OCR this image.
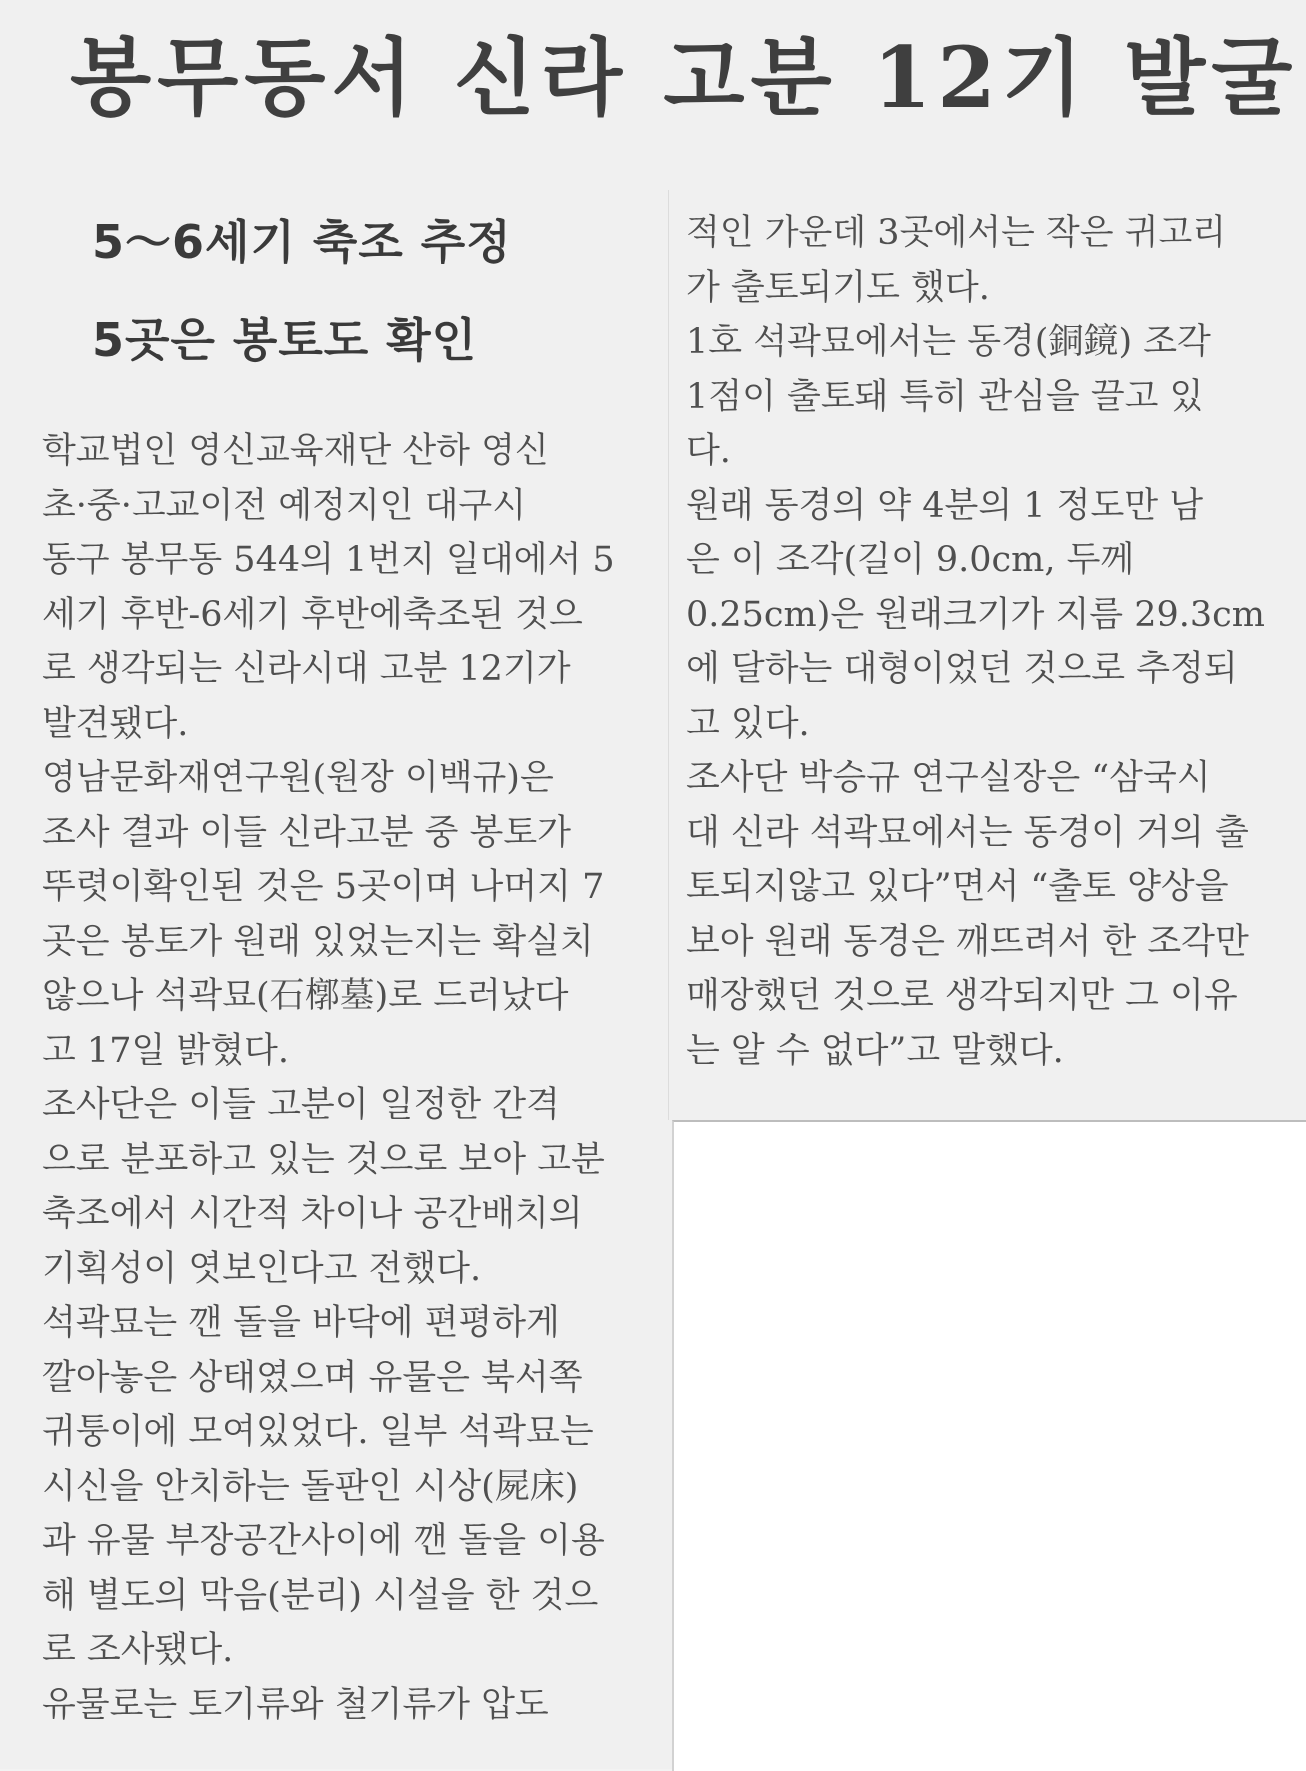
봉무동서 신라 고분 12기 발굴
5～6세기 축조 추정
5곳은 봉토도 확인

학교법인 영신교육재단 산하 영신

초·중·고교이전 예정지인 대구시

동구 봉무동 544의 1번지 일대에서 5

세기 후반-6세기 후반에축조된 것으

로 생각되는 신라시대 고분 12기가

발견됐다.

영남문화재연구원(원장 이백규)은

조사 결과 이들 신라고분 중 봉토가

뚜렷이확인된 것은 5곳이며 나머지 7

곳은 봉토가 원래 있었는지는 확실치

않으나 석곽묘(石槨墓)로 드러났다

고 17일 밝혔다.

조사단은 이들 고분이 일정한 간격

으로 분포하고 있는 것으로 보아 고분

축조에서 시간적 차이나 공간배치의

기획성이 엿보인다고 전했다.

석곽묘는 깬 돌을 바닥에 편평하게

깔아놓은 상태였으며 유물은 북서쪽

귀퉁이에 모여있었다. 일부 석곽묘는

시신을 안치하는 돌판인 시상(屍床)

과 유물 부장공간사이에 깬 돌을 이용

해 별도의 막음(분리) 시설을 한 것으

로 조사됐다.

유물로는 토기류와 철기류가 압도

적인 가운데 3곳에서는 작은 귀고리

가 출토되기도 했다.

1호 석곽묘에서는 동경(銅鏡) 조각

1점이 출토돼 특히 관심을 끌고 있

다.

원래 동경의 약 4분의 1 정도만 남

은 이 조각(길이 9.0cm, 두께

0.25cm)은 원래크기가 지름 29.3cm

에 달하는 대형이었던 것으로 추정되

고 있다.

조사단 박승규 연구실장은 “삼국시

대 신라 석곽묘에서는 동경이 거의 출

토되지않고 있다”면서 “출토 양상을

보아 원래 동경은 깨뜨려서 한 조각만

매장했던 것으로 생각되지만 그 이유

는 알 수 없다”고 말했다.
